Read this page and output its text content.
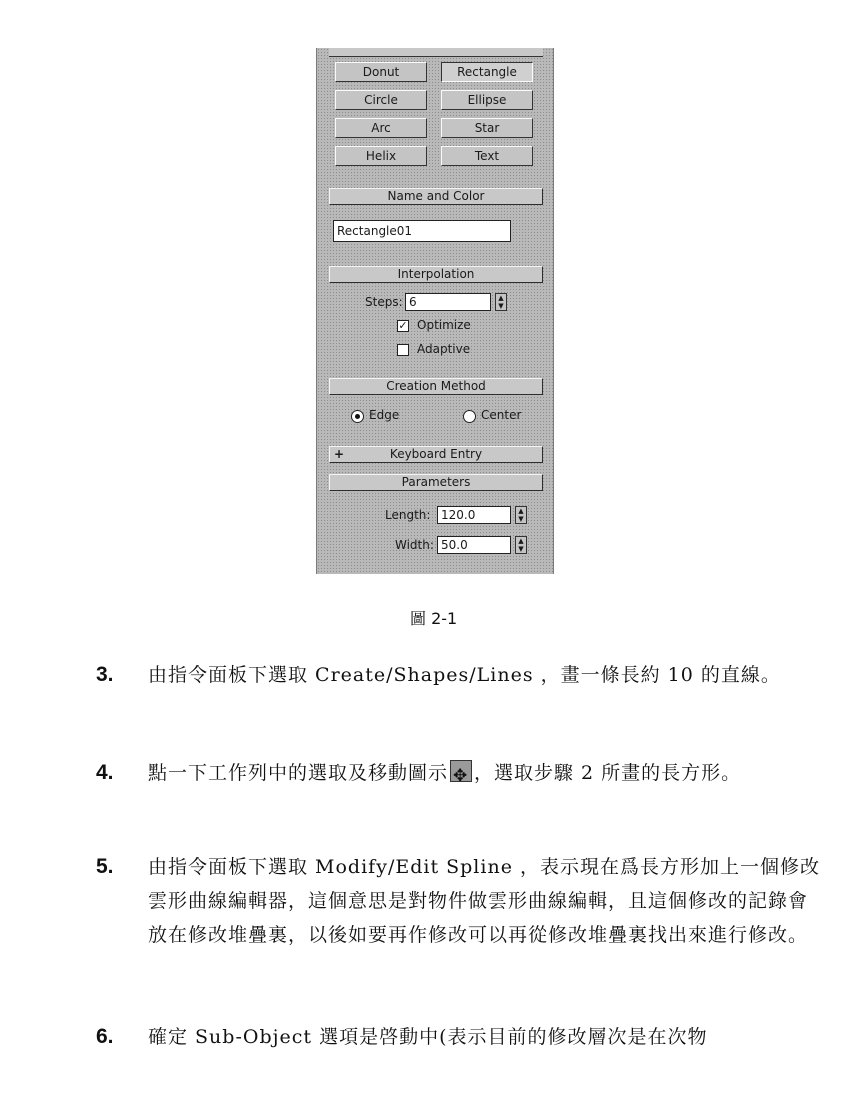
Donut	Rectangle
Circle	Ellipse
Arc	Star
Helix	Text
Name and Color
Rectangle01
Interpolation
Steps: 6	▲
▼
✓ Optimize
Adaptive
Creation Method
Edge	Center
+	Keyboard Entry
Parameters
Length: 120.0	▲
▼
Width: 50.0	▲
▼
圖 2-1
3. 由指令面板下選取 Create/Shapes/Lines ，畫一條長約 10 的直線。
4. 點一下工作列中的選取及移動圖示✥ ，選取步驟 2 所畫的長方形。
5. 由指令面板下選取 Modify/Edit Spline ，表示現在爲長方形加上一個修改雲形曲線編輯器，這個意思是對物件做雲形曲線編輯，且這個修改的記錄會放在修改堆疊裏，以後如要再作修改可以再從修改堆疊裏找出來進行修改。
6. 確定 Sub-Object 選項是啓動中(表示目前的修改層次是在次物
